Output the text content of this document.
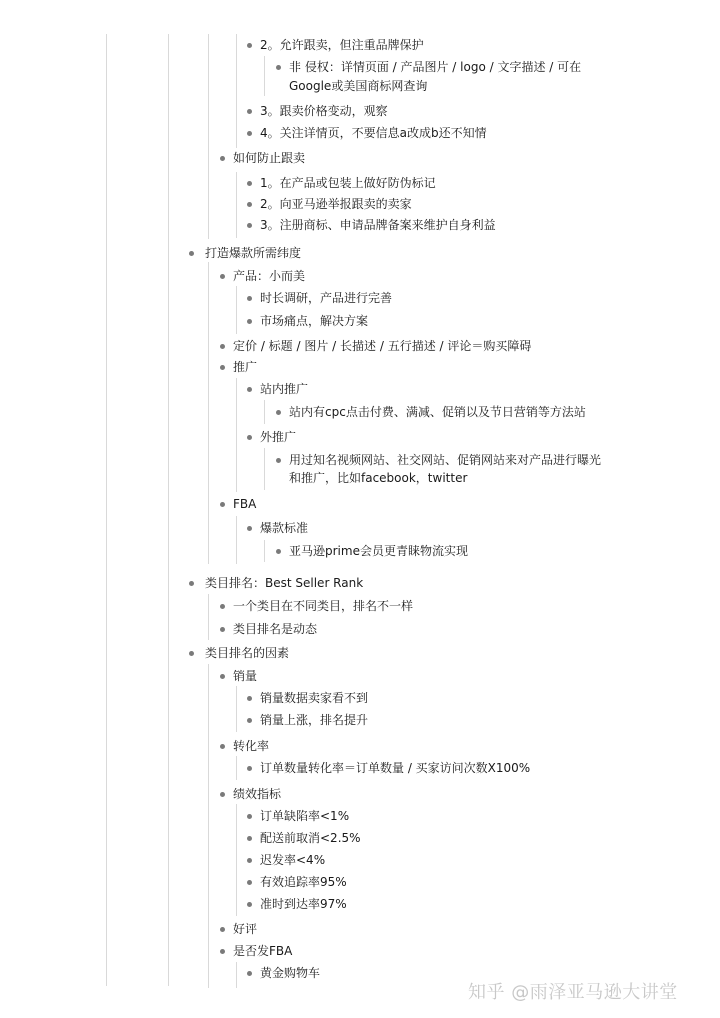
2。允许跟卖，但注重品牌保护
非 侵权：详情页面 / 产品图片 / logo / 文字描述 / 可在
Google或美国商标网查询
3。跟卖价格变动，观察
4。关注详情页，不要信息a改成b还不知情
如何防止跟卖
1。在产品或包装上做好防伪标记
2。向亚马逊举报跟卖的卖家
3。注册商标、申请品牌备案来维护自身利益
打造爆款所需纬度
产品：小而美
时长调研，产品进行完善
市场痛点，解决方案
定价 / 标题 / 图片 / 长描述 / 五行描述 / 评论＝购买障碍
推广
站内推广
站内有cpc点击付费、满减、促销以及节日营销等方法站
外推广
用过知名视频网站、社交网站、促销网站来对产品进行曝光
和推广，比如facebook，twitter
FBA
爆款标准
亚马逊prime会员更青睐物流实现
类目排名：Best Seller Rank
一个类目在不同类目，排名不一样
类目排名是动态
类目排名的因素
销量
销量数据卖家看不到
销量上涨，排名提升
转化率
订单数量转化率＝订单数量 / 买家访问次数X100%
绩效指标
订单缺陷率<1%
配送前取消<2.5%
迟发率<4%
有效追踪率95%
准时到达率97%
好评
是否发FBA
黄金购物车
知乎 @雨泽亚马逊大讲堂
